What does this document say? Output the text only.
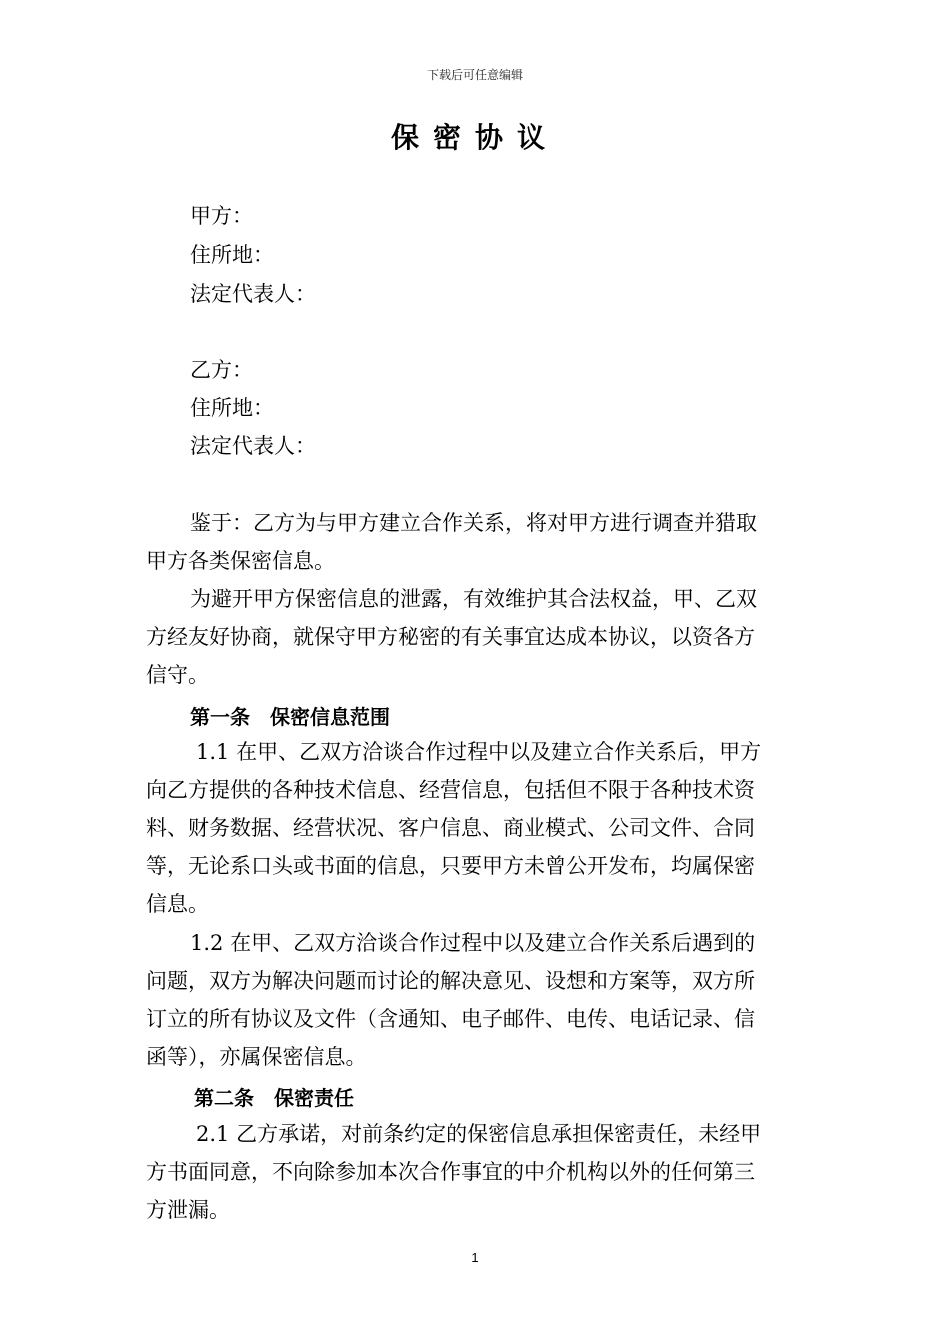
下载后可任意编辑
保密协议
甲方：
住所地：
法定代表人：
乙方：
住所地：
法定代表人：
鉴于：乙方为与甲方建立合作关系，将对甲方进行调查并猎取
甲方各类保密信息。
为避开甲方保密信息的泄露，有效维护其合法权益，甲、乙双
方经友好协商，就保守甲方秘密的有关事宜达成本协议，以资各方
信守。
第一条　保密信息范围
1.1 在甲、乙双方洽谈合作过程中以及建立合作关系后，甲方
向乙方提供的各种技术信息、经营信息，包括但不限于各种技术资
料、财务数据、经营状况、客户信息、商业模式、公司文件、合同
等，无论系口头或书面的信息，只要甲方未曾公开发布，均属保密
信息。
1.2 在甲、乙双方洽谈合作过程中以及建立合作关系后遇到的
问题，双方为解决问题而讨论的解决意见、设想和方案等，双方所
订立的所有协议及文件（含通知、电子邮件、电传、电话记录、信
函等），亦属保密信息。
第二条　保密责任
2.1 乙方承诺，对前条约定的保密信息承担保密责任，未经甲
方书面同意，不向除参加本次合作事宜的中介机构以外的任何第三
方泄漏。
1
